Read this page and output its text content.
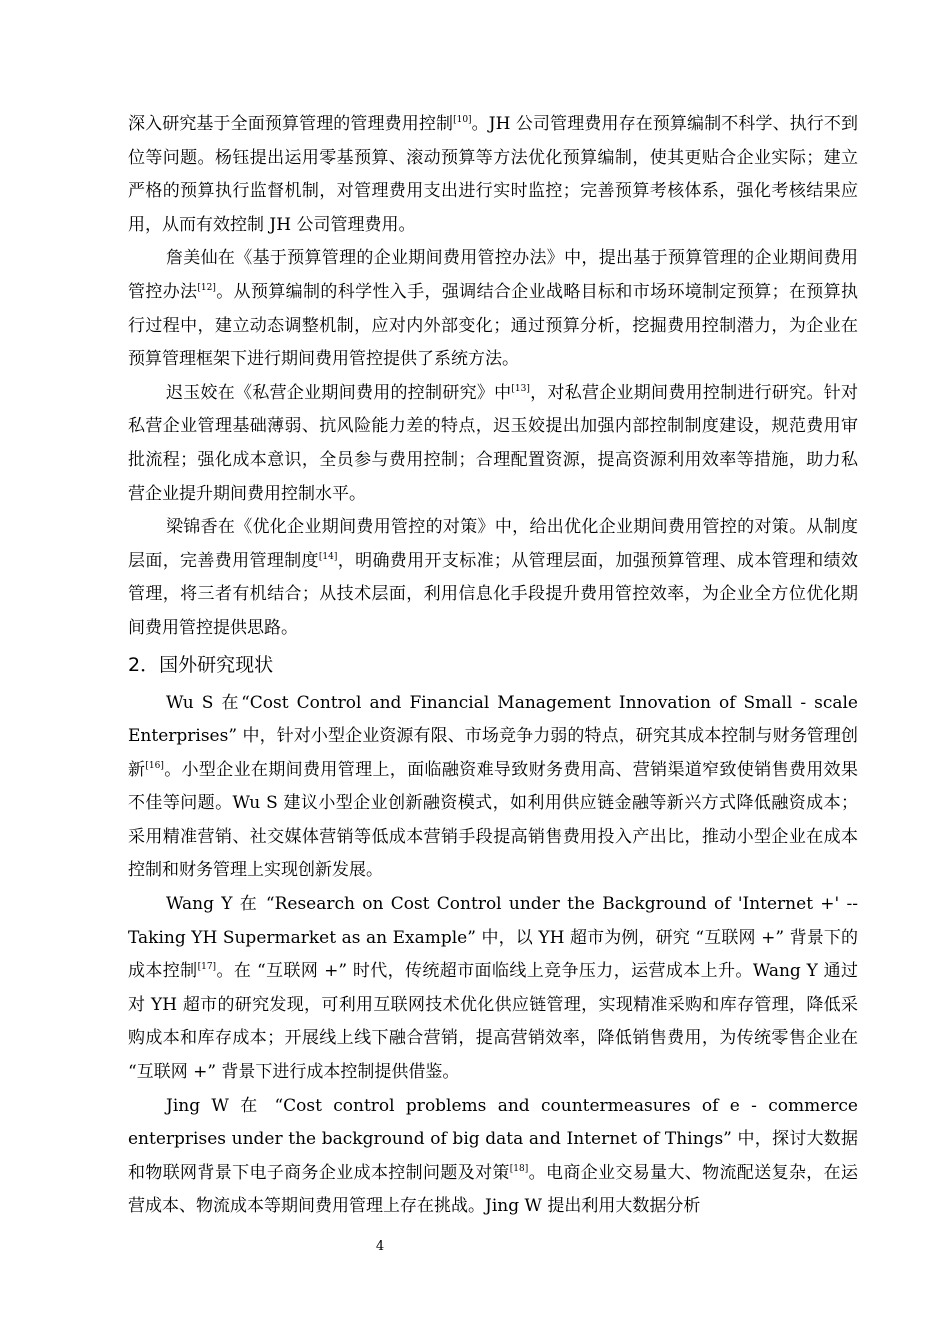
深入研究基于全面预算管理的管理费用控制[10]。JH 公司管理费用存在预算编制不科学、执行不到位等问题。杨钰提出运用零基预算、滚动预算等方法优化预算编制，使其更贴合企业实际；建立严格的预算执行监督机制，对管理费用支出进行实时监控；完善预算考核体系，强化考核结果应用，从而有效控制 JH 公司管理费用。

詹美仙在《基于预算管理的企业期间费用管控办法》中，提出基于预算管理的企业期间费用管控办法[12]。从预算编制的科学性入手，强调结合企业战略目标和市场环境制定预算；在预算执行过程中，建立动态调整机制，应对内外部变化；通过预算分析，挖掘费用控制潜力，为企业在预算管理框架下进行期间费用管控提供了系统方法。

迟玉姣在《私营企业期间费用的控制研究》中[13]，对私营企业期间费用控制进行研究。针对私营企业管理基础薄弱、抗风险能力差的特点，迟玉姣提出加强内部控制制度建设，规范费用审批流程；强化成本意识，全员参与费用控制；合理配置资源，提高资源利用效率等措施，助力私营企业提升期间费用控制水平。

梁锦香在《优化企业期间费用管控的对策》中，给出优化企业期间费用管控的对策。从制度层面，完善费用管理制度[14]，明确费用开支标准；从管理层面，加强预算管理、成本管理和绩效管理，将三者有机结合；从技术层面，利用信息化手段提升费用管控效率，为企业全方位优化期间费用管控提供思路。

2．国外研究现状

Wu S 在“Cost Control and Financial Management Innovation of Small - scale Enterprises” 中，针对小型企业资源有限、市场竞争力弱的特点，研究其成本控制与财务管理创新[16]。小型企业在期间费用管理上，面临融资难导致财务费用高、营销渠道窄致使销售费用效果不佳等问题。Wu S 建议小型企业创新融资模式，如利用供应链金融等新兴方式降低融资成本；采用精准营销、社交媒体营销等低成本营销手段提高销售费用投入产出比，推动小型企业在成本控制和财务管理上实现创新发展。

Wang Y 在 “Research on Cost Control under the Background of 'Internet +' -- Taking YH Supermarket as an Example” 中，以 YH 超市为例，研究 “互联网 +” 背景下的成本控制[17]。在 “互联网 +” 时代，传统超市面临线上竞争压力，运营成本上升。Wang Y 通过对 YH 超市的研究发现，可利用互联网技术优化供应链管理，实现精准采购和库存管理，降低采购成本和库存成本；开展线上线下融合营销，提高营销效率，降低销售费用，为传统零售企业在 “互联网 +” 背景下进行成本控制提供借鉴。

Jing W 在 “Cost control problems and countermeasures of e - commerce enterprises under the background of big data and Internet of Things” 中，探讨大数据和物联网背景下电子商务企业成本控制问题及对策[18]。电商企业交易量大、物流配送复杂，在运营成本、物流成本等期间费用管理上存在挑战。Jing W 提出利用大数据分析

4
